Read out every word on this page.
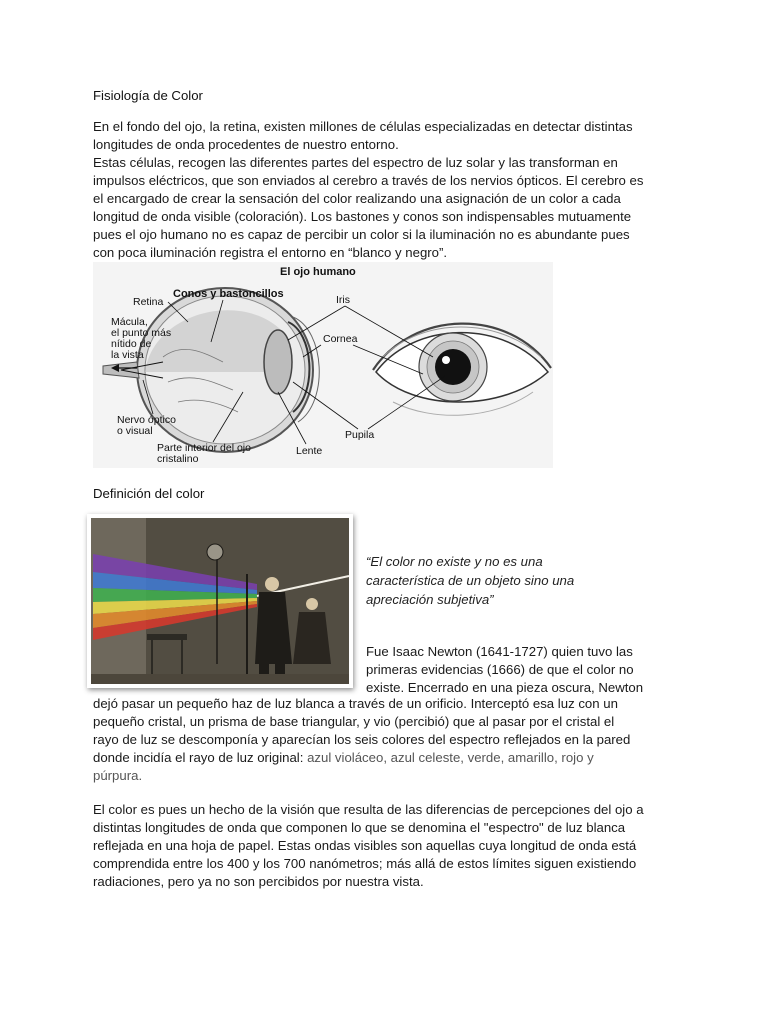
Fisiología de Color
En el fondo del ojo, la retina, existen millones de células especializadas en detectar distintas
longitudes de onda procedentes de nuestro entorno.
Estas células, recogen las diferentes partes del espectro de luz solar y las transforman en
impulsos eléctricos, que son enviados al cerebro a través de los nervios ópticos. El cerebro es
el encargado de crear la sensación del color realizando una asignación de un color a cada
longitud de onda visible (coloración). Los bastones y conos son indispensables mutuamente
pues el ojo humano no es capaz de percibir un color si la iluminación no es abundante pues
con poca iluminación registra el entorno en “blanco y negro”.
El ojo humano
Conos y bastoncillos
Retina	Iris
Mácula,
el punto más
nítido de
la vista
Cornea
Nervo óptico
o visual	Pupila
Parte interior del ojo
cristalino
Lente
Definición del color
“El color no existe y no es una
característica de un objeto sino una
apreciación subjetiva”
Fue Isaac Newton (1641-1727) quien tuvo las
primeras evidencias (1666) de que el color no
existe. Encerrado en una pieza oscura, Newton
dejó pasar un pequeño haz de luz blanca a través de un orificio. Interceptó esa luz con un
pequeño cristal, un prisma de base triangular, y vio (percibió) que al pasar por el cristal el
rayo de luz se descomponía y aparecían los seis colores del espectro reflejados en la pared
donde incidía el rayo de luz original: azul violáceo, azul celeste, verde, amarillo, rojo y
púrpura.
El color es pues un hecho de la visión que resulta de las diferencias de percepciones del ojo a
distintas longitudes de onda que componen lo que se denomina el "espectro" de luz blanca
reflejada en una hoja de papel. Estas ondas visibles son aquellas cuya longitud de onda está
comprendida entre los 400 y los 700 nanómetros; más allá de estos límites siguen existiendo
radiaciones, pero ya no son percibidos por nuestra vista.
